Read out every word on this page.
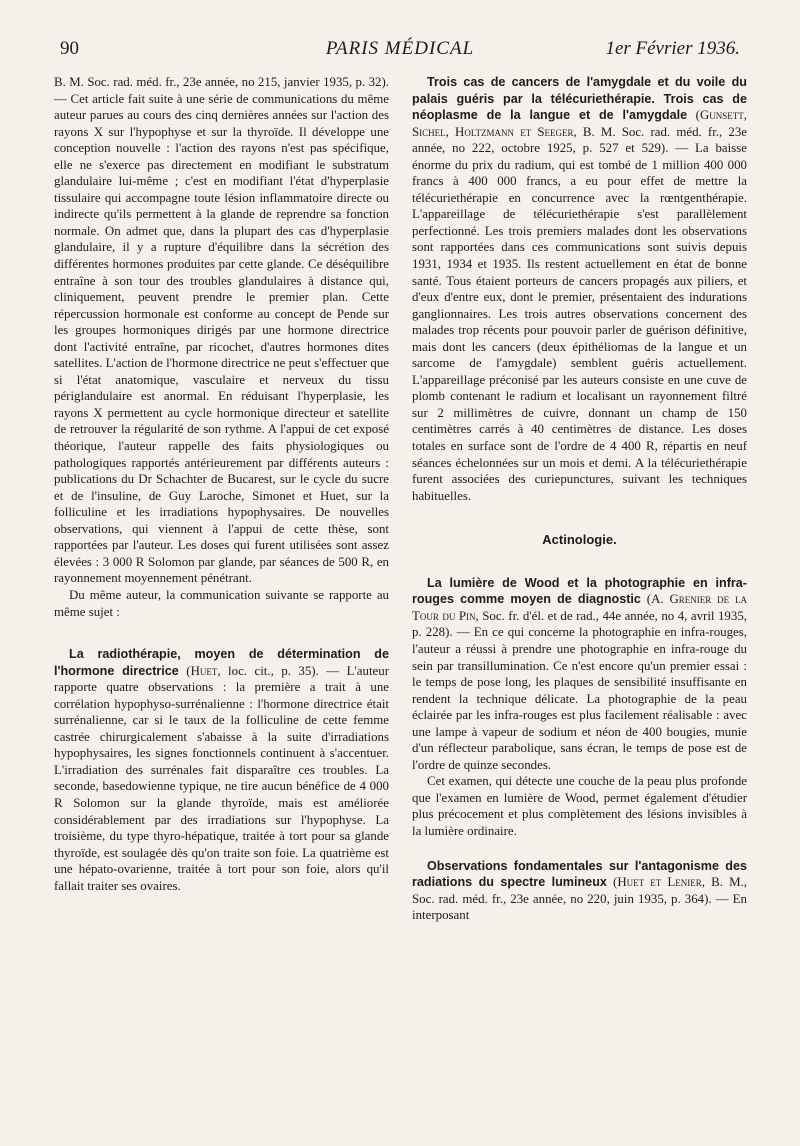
90	PARIS MÉDICAL	1er Février 1936.

B. M. Soc. rad. méd. fr., 23e année, no 215, janvier 1935, p. 32). — Cet article fait suite à une série de communications du même auteur parues au cours des cinq dernières années sur l'action des rayons X sur l'hypophyse et sur la thyroïde. Il développe une conception nouvelle : l'action des rayons n'est pas spécifique, elle ne s'exerce pas directement en modifiant le substratum glandulaire lui-même ; c'est en modifiant l'état d'hyperplasie tissulaire qui accompagne toute lésion inflammatoire directe ou indirecte qu'ils permettent à la glande de reprendre sa fonction normale. On admet que, dans la plupart des cas d'hyperplasie glandulaire, il y a rupture d'équilibre dans la sécrétion des différentes hormones produites par cette glande. Ce déséquilibre entraîne à son tour des troubles glandulaires à distance qui, cliniquement, peuvent prendre le premier plan. Cette répercussion hormonale est conforme au concept de Pende sur les groupes hormoniques dirigés par une hormone directrice dont l'activité entraîne, par ricochet, d'autres hormones dites satellites. L'action de l'hormone directrice ne peut s'effectuer que si l'état anatomique, vasculaire et nerveux du tissu périglandulaire est anormal. En réduisant l'hyperplasie, les rayons X permettent au cycle hormonique directeur et satellite de retrouver la régularité de son rythme. A l'appui de cet exposé théorique, l'auteur rappelle des faits physiologiques ou pathologiques rapportés antérieurement par différents auteurs : publications du Dr Schachter de Bucarest, sur le cycle du sucre et de l'insuline, de Guy Laroche, Simonet et Huet, sur la folliculine et les irradiations hypophysaires. De nouvelles observations, qui viennent à l'appui de cette thèse, sont rapportées par l'auteur. Les doses qui furent utilisées sont assez élevées : 3 000 R Solomon par glande, par séances de 500 R, en rayonnement moyennement pénétrant.

Du même auteur, la communication suivante se rapporte au même sujet :

La radiothérapie, moyen de détermination de l'hormone directrice (Huet, loc. cit., p. 35). — L'auteur rapporte quatre observations : la première a trait à une corrélation hypophyso-surrénalienne : l'hormone directrice était surrénalienne, car si le taux de la folliculine de cette femme castrée chirurgicalement s'abaisse à la suite d'irradiations hypophysaires, les signes fonctionnels continuent à s'accentuer. L'irradiation des surrénales fait disparaître ces troubles. La seconde, basedowienne typique, ne tire aucun bénéfice de 4 000 R Solomon sur la glande thyroïde, mais est améliorée considérablement par des irradiations sur l'hypophyse. La troisième, du type thyro-hépatique, traitée à tort pour sa glande thyroïde, est soulagée dès qu'on traite son foie. La quatrième est une hépato-ovarienne, traitée à tort pour son foie, alors qu'il fallait traiter ses ovaires.

Trois cas de cancers de l'amygdale et du voile du palais guéris par la télécuriethérapie. Trois cas de néoplasme de la langue et de l'amygdale (Gunsett, Sichel, Holtzmann et Seeger, B. M. Soc. rad. méd. fr., 23e année, no 222, octobre 1925, p. 527 et 529). — La baisse énorme du prix du radium, qui est tombé de 1 million 400 000 francs à 400 000 francs, a eu pour effet de mettre la télécuriethérapie en concurrence avec la rœntgenthérapie. L'appareillage de télécuriethérapie s'est parallèlement perfectionné. Les trois premiers malades dont les observations sont rapportées dans ces communications sont suivis depuis 1931, 1934 et 1935. Ils restent actuellement en état de bonne santé. Tous étaient porteurs de cancers propagés aux piliers, et d'eux d'entre eux, dont le premier, présentaient des indurations ganglionnaires. Les trois autres observations concernent des malades trop récents pour pouvoir parler de guérison définitive, mais dont les cancers (deux épithéliomas de la langue et un sarcome de l'amygdale) semblent guéris actuellement. L'appareillage préconisé par les auteurs consiste en une cuve de plomb contenant le radium et localisant un rayonnement filtré sur 2 millimètres de cuivre, donnant un champ de 150 centimètres carrés à 40 centimètres de distance. Les doses totales en surface sont de l'ordre de 4 400 R, répartis en neuf séances échelonnées sur un mois et demi. A la télécuriethérapie furent associées des curiepunctures, suivant les techniques habituelles.

Actinologie.

La lumière de Wood et la photographie en infra-rouges comme moyen de diagnostic (A. Grenier de la Tour du Pin, Soc. fr. d'él. et de rad., 44e année, no 4, avril 1935, p. 228). — En ce qui concerne la photographie en infra-rouges, l'auteur a réussi à prendre une photographie en infra-rouge du sein par transillumination. Ce n'est encore qu'un premier essai : le temps de pose long, les plaques de sensibilité insuffisante en rendent la technique délicate. La photographie de la peau éclairée par les infra-rouges est plus facilement réalisable : avec une lampe à vapeur de sodium et néon de 400 bougies, munie d'un réflecteur parabolique, sans écran, le temps de pose est de l'ordre de quinze secondes.

Cet examen, qui détecte une couche de la peau plus profonde que l'examen en lumière de Wood, permet également d'étudier plus précocement et plus complètement des lésions invisibles à la lumière ordinaire.

Observations fondamentales sur l'antagonisme des radiations du spectre lumineux (Huet et Lenier, B. M., Soc. rad. méd. fr., 23e année, no 220, juin 1935, p. 364). — En interposant
